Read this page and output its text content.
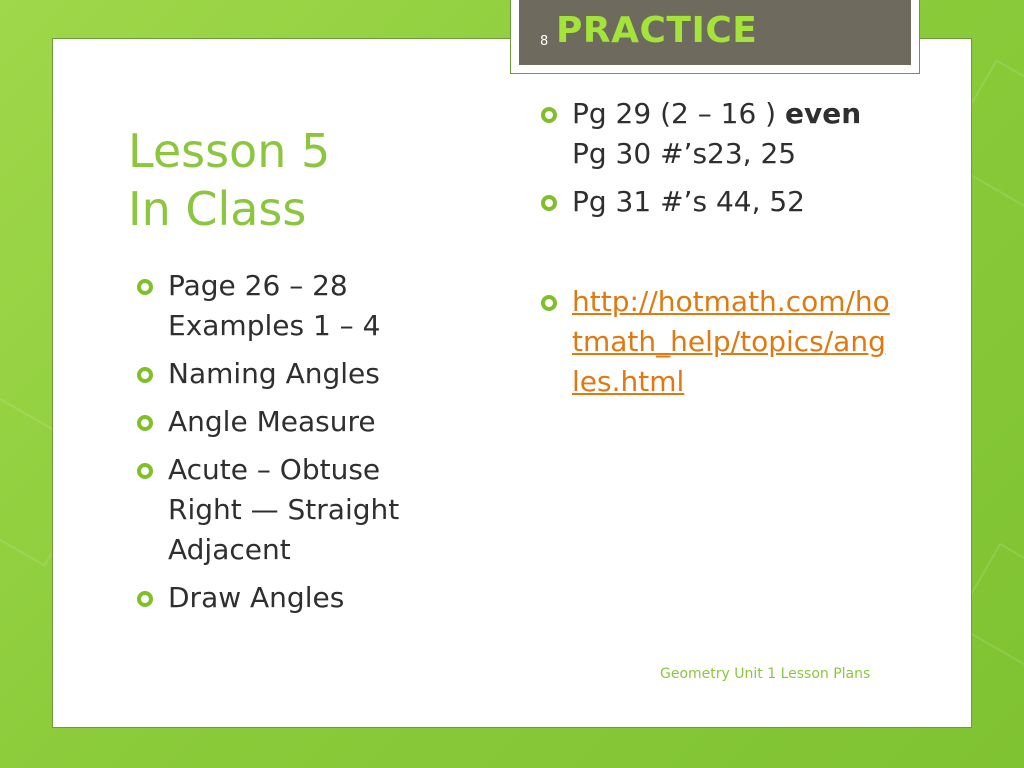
8 PRACTICE
Lesson 5
In Class
Page 26 – 28
Examples 1 – 4
Naming Angles
Angle Measure
Acute – Obtuse
Right — Straight
Adjacent
Draw Angles
Pg 29 (2 – 16 ) even
Pg 30 #’s23, 25
Pg 31 #’s 44, 52
http://hotmath.com/hotmath_help/topics/angles.html
Geometry Unit 1 Lesson Plans
